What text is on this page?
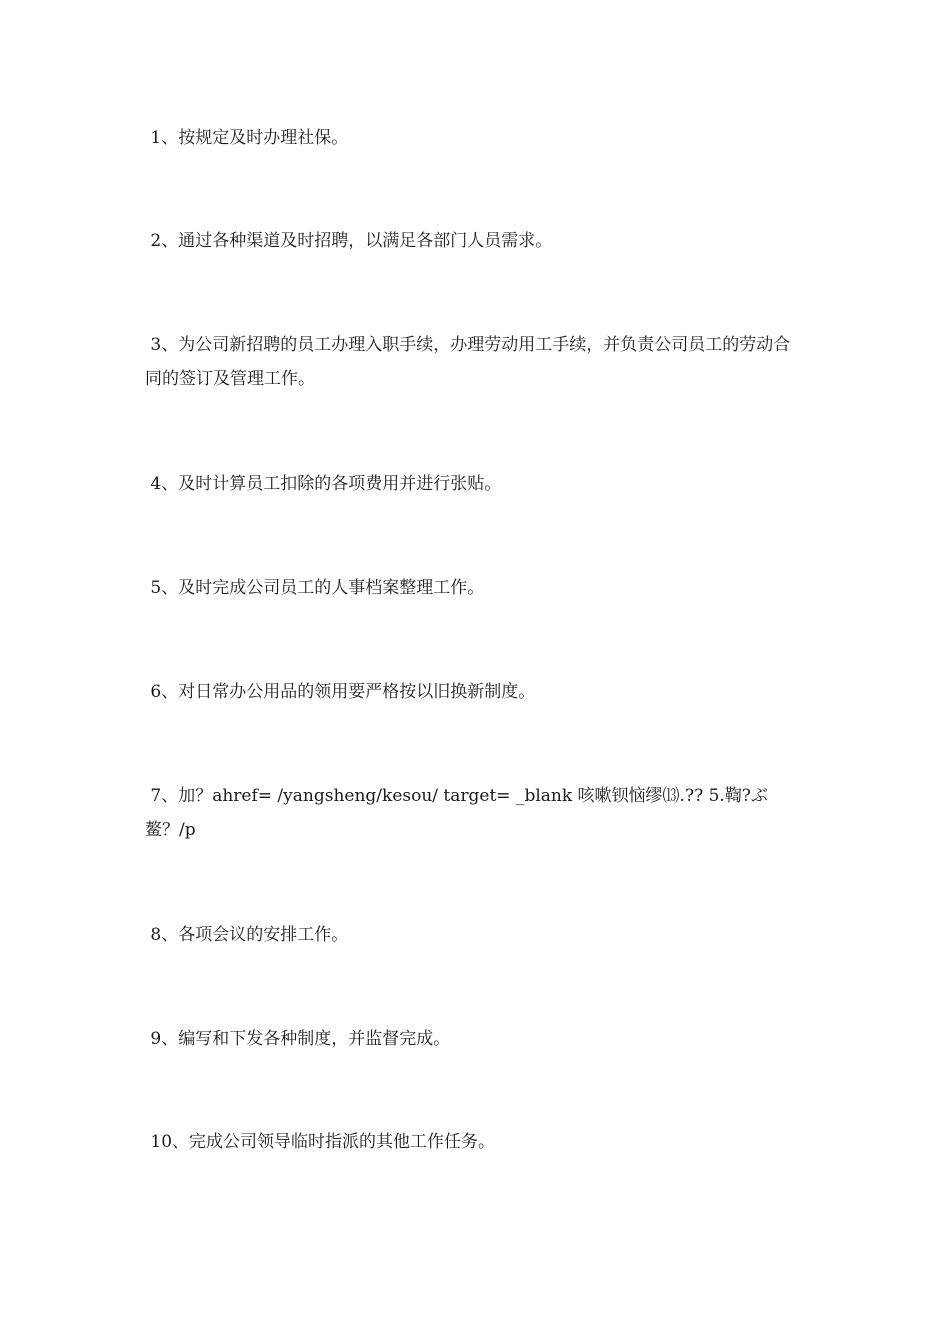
1、按规定及时办理社保。

2、通过各种渠道及时招聘，以满足各部门人员需求。

3、为公司新招聘的员工办理入职手续，办理劳动用工手续，并负责公司员工的劳动合同的签订及管理工作。

4、及时计算员工扣除的各项费用并进行张贴。

5、及时完成公司员工的人事档案整理工作。

6、对日常办公用品的领用要严格按以旧换新制度。

7、加？ahref= /yangsheng/kesou/ target= _blank 咳嗽钡恼缪⒀.?? 5.鞫?ぶ鳌？/p

8、各项会议的安排工作。

9、编写和下发各种制度，并监督完成。

10、完成公司领导临时指派的其他工作任务。
